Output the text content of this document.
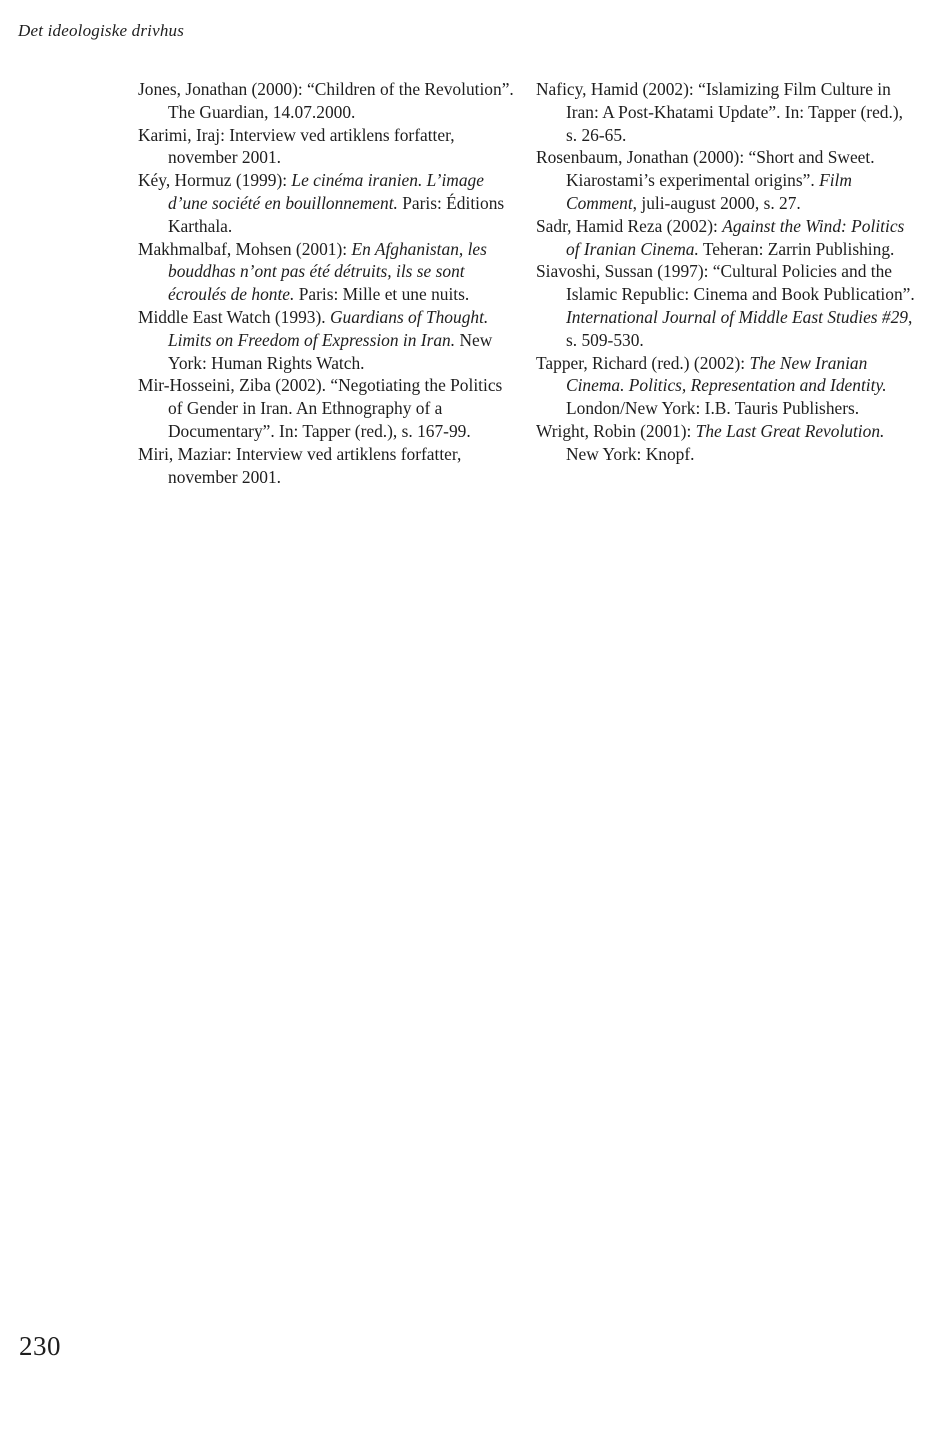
Det ideologiske drivhus

Jones, Jonathan (2000): “Children of the Revolution”. The Guardian, 14.07.2000.

Karimi, Iraj: Interview ved artiklens forfatter, november 2001.

Kéy, Hormuz (1999): Le cinéma iranien. L’image d’une société en bouillonnement. Paris: Éditions Karthala.

Makhmalbaf, Mohsen (2001): En Afghanistan, les bouddhas n’ont pas été détruits, ils se sont écroulés de honte. Paris: Mille et une nuits.

Middle East Watch (1993). Guardians of Thought. Limits on Freedom of Expression in Iran. New York: Human Rights Watch.

Mir-Hosseini, Ziba (2002). “Negotiating the Politics of Gender in Iran. An Ethnography of a Documentary”. In: Tapper (red.), s. 167-99.

Miri, Maziar: Interview ved artiklens forfatter, november 2001.

Naficy, Hamid (2002): “Islamizing Film Culture in Iran: A Post-Khatami Update”. In: Tapper (red.), s. 26-65.

Rosenbaum, Jonathan (2000): “Short and Sweet. Kiarostami’s experimental origins”. Film Comment, juli-august 2000, s. 27.

Sadr, Hamid Reza (2002): Against the Wind: Politics of Iranian Cinema. Teheran: Zarrin Publishing.

Siavoshi, Sussan (1997): “Cultural Policies and the Islamic Republic: Cinema and Book Publication”. International Journal of Middle East Studies #29, s. 509-530.

Tapper, Richard (red.) (2002): The New Iranian Cinema. Politics, Representation and Identity. London/New York: I.B. Tauris Publishers.

Wright, Robin (2001): The Last Great Revolution. New York: Knopf.

230
